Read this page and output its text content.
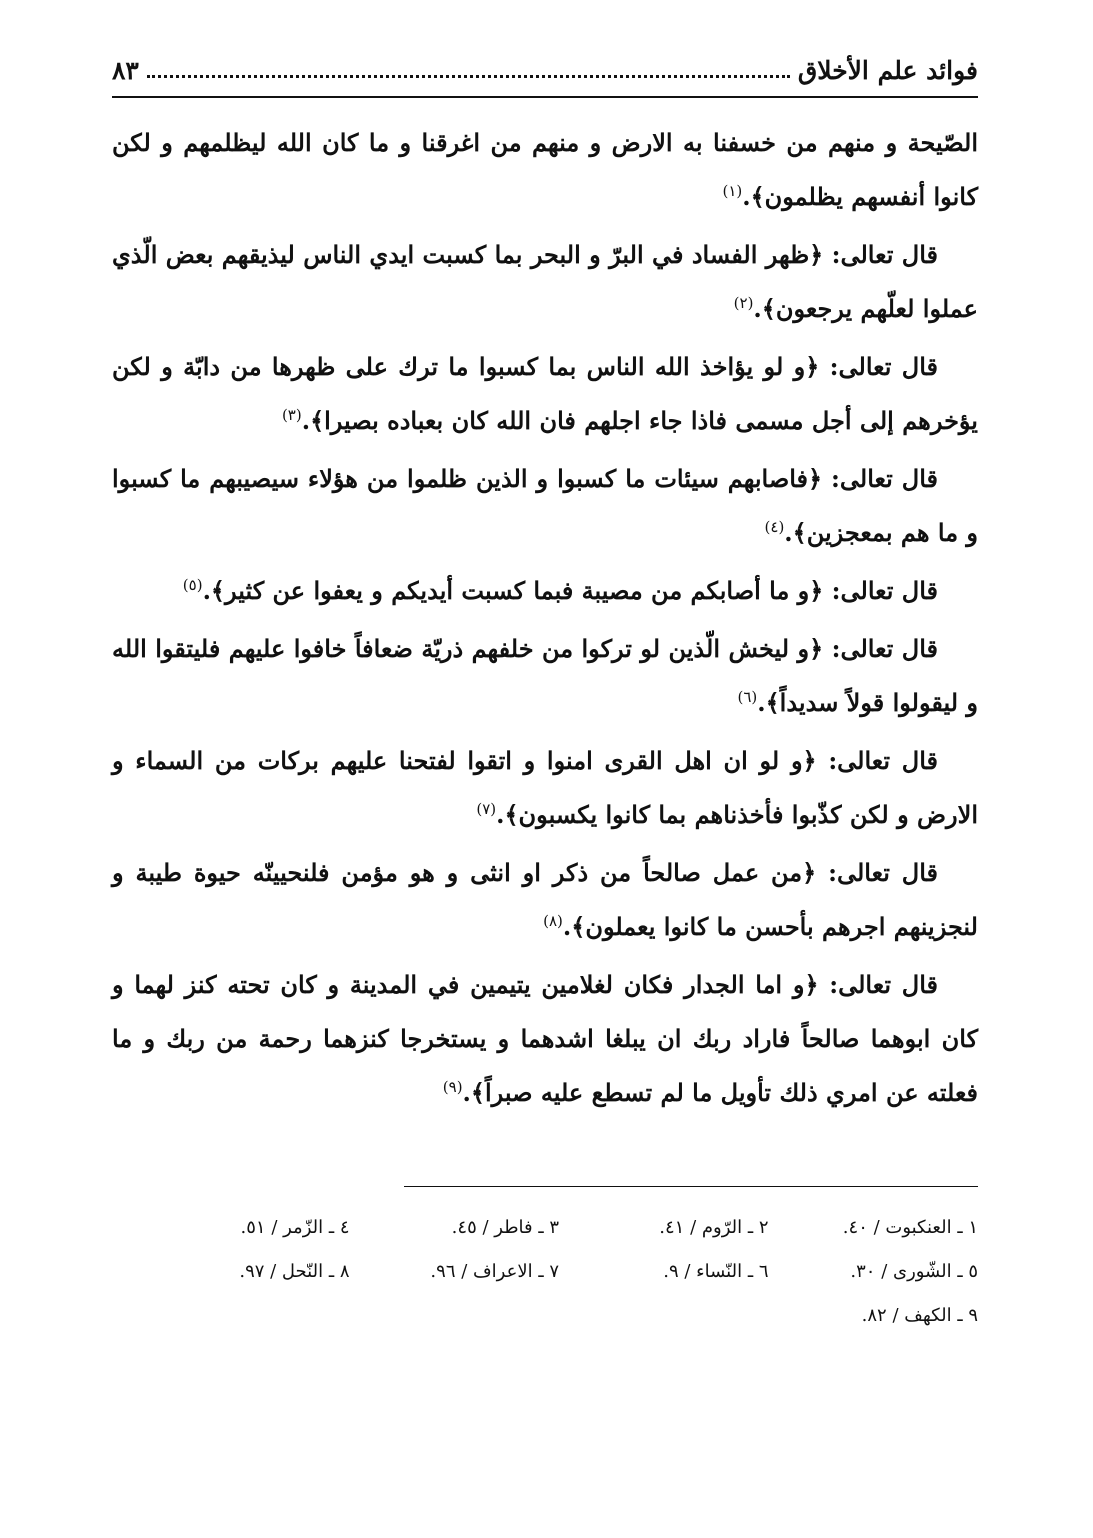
فوائد علم الأخلاق
٨٣

الصّيحة و منهم من خسفنا به الارض و منهم من اغرقنا و ما كان الله ليظلمهم و لكن كانوا أنفسهم يظلمون﴾.$^{(١)}$

قال تعالى: ﴿ظهر الفساد في البرّ و البحر بما كسبت ايدي الناس ليذيقهم بعض الّذي عملوا لعلّهم يرجعون﴾.$^{(٢)}$

قال تعالى: ﴿و لو يؤاخذ الله الناس بما كسبوا ما ترك على ظهرها من دابّة و لكن يؤخرهم إلى أجل مسمى فاذا جاء اجلهم فان الله كان بعباده بصيرا﴾.$^{(٣)}$

قال تعالى: ﴿فاصابهم سيئات ما كسبوا و الذين ظلموا من هؤلاء سيصيبهم ما كسبوا و ما هم بمعجزين﴾.$^{(٤)}$

قال تعالى: ﴿و ما أصابكم من مصيبة فبما كسبت أيديكم و يعفوا عن كثير﴾.$^{(٥)}$

قال تعالى: ﴿و ليخش الّذين لو تركوا من خلفهم ذريّة ضعافاً خافوا عليهم فليتقوا الله و ليقولوا قولاً سديداً﴾.$^{(٦)}$

قال تعالى: ﴿و لو ان اهل القرى امنوا و اتقوا لفتحنا عليهم بركات من السماء و الارض و لكن كذّبوا فأخذناهم بما كانوا يكسبون﴾.$^{(٧)}$

قال تعالى: ﴿من عمل صالحاً من ذكر او انثى و هو مؤمن فلنحيينّه حيوة طيبة و لنجزينهم اجرهم بأحسن ما كانوا يعملون﴾.$^{(٨)}$

قال تعالى: ﴿و اما الجدار فكان لغلامين يتيمين في المدينة و كان تحته كنز لهما و كان ابوهما صالحاً فاراد ربك ان يبلغا اشدهما و يستخرجا كنزهما رحمة من ربك و ما فعلته عن امري ذلك تأويل ما لم تسطع عليه صبراً﴾.$^{(٩)}$

١ ـ العنكبوت / ٤٠.
٢ ـ الرّوم / ٤١.
٣ ـ فاطر / ٤٥.
٤ ـ الزّمر / ٥١.
٥ ـ الشّورى / ٣٠.
٦ ـ النّساء / ٩.
٧ ـ الاعراف / ٩٦.
٨ ـ النّحل / ٩٧.
٩ ـ الكهف / ٨٢.
